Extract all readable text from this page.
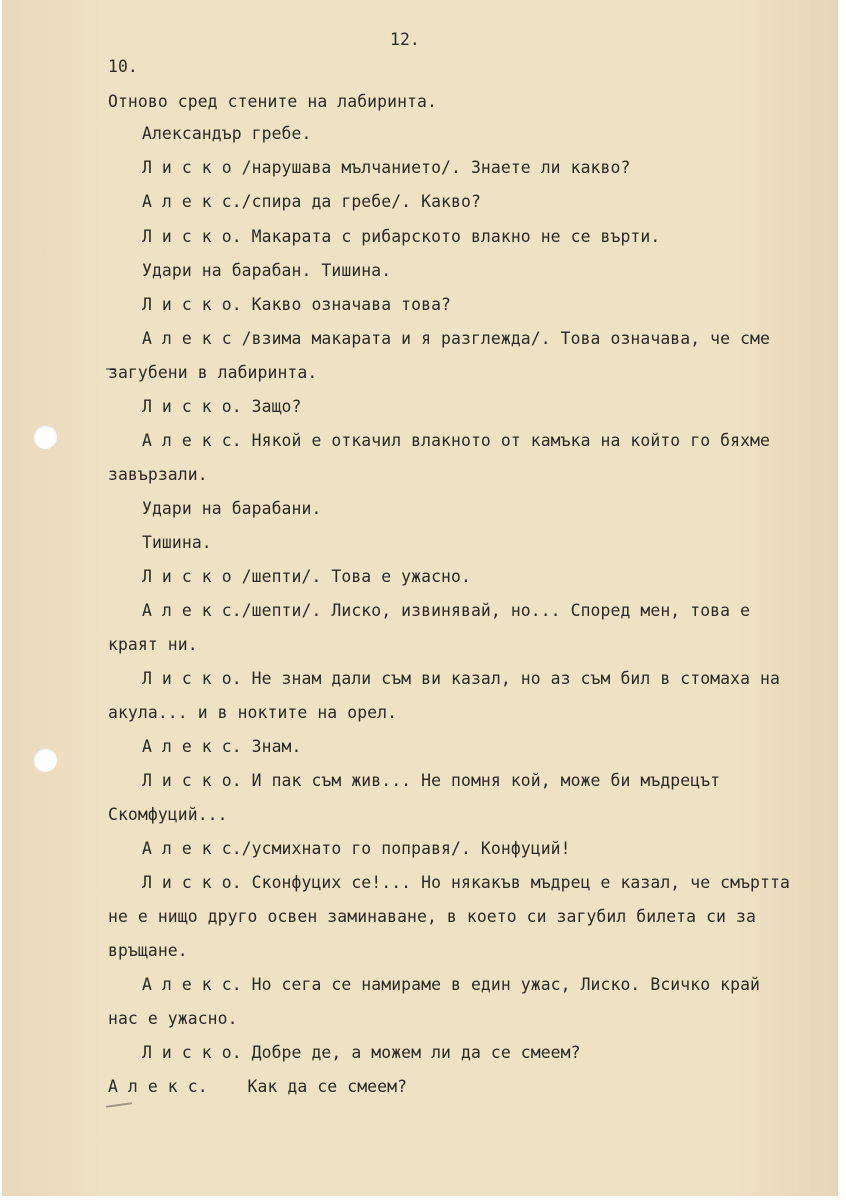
12.
10.
Отново сред стените на лабиринта.
Александър гребе.
Л и с к о /нарушава мълчанието/. Знаете ли какво?
А л е к с./спира да гребе/. Какво?
Л и с к о. Макарата с рибарското влакно не се върти.
Удари на барабан. Тишина.
Л и с к о. Какво означава това?
А л е к с /взима макарата и я разглежда/. Това означава, че сме
загубени в лабиринта.
Л и с к о. Защо?
А л е к с. Някой е откачил влакното от камъка на който го бяхме
завързали.
Удари на барабани.
Тишина.
Л и с к о /шепти/. Това е ужасно.
А л е к с./шепти/. Лиско, извинявай, но... Според мен, това е
краят ни.
Л и с к о. Не знам дали съм ви казал, но аз съм бил в стомаха на
акула... и в ноктите на орел.
А л е к с. Знам.
Л и с к о. И пак съм жив... Не помня кой, може би мъдрецът
Скомфуций...
А л е к с./усмихнато го поправя/. Конфуций!
Л и с к о. Сконфуцих се!... Но някакъв мъдрец е казал, че смъртта
не е нищо друго освен заминаване, в което си загубил билета си за
връщане.
А л е к с. Но сега се намираме в един ужас, Лиско. Всичко край
нас е ужасно.
Л и с к о. Добре де, а можем ли да се смеем?
А л е к с.    Как да се смеем?
